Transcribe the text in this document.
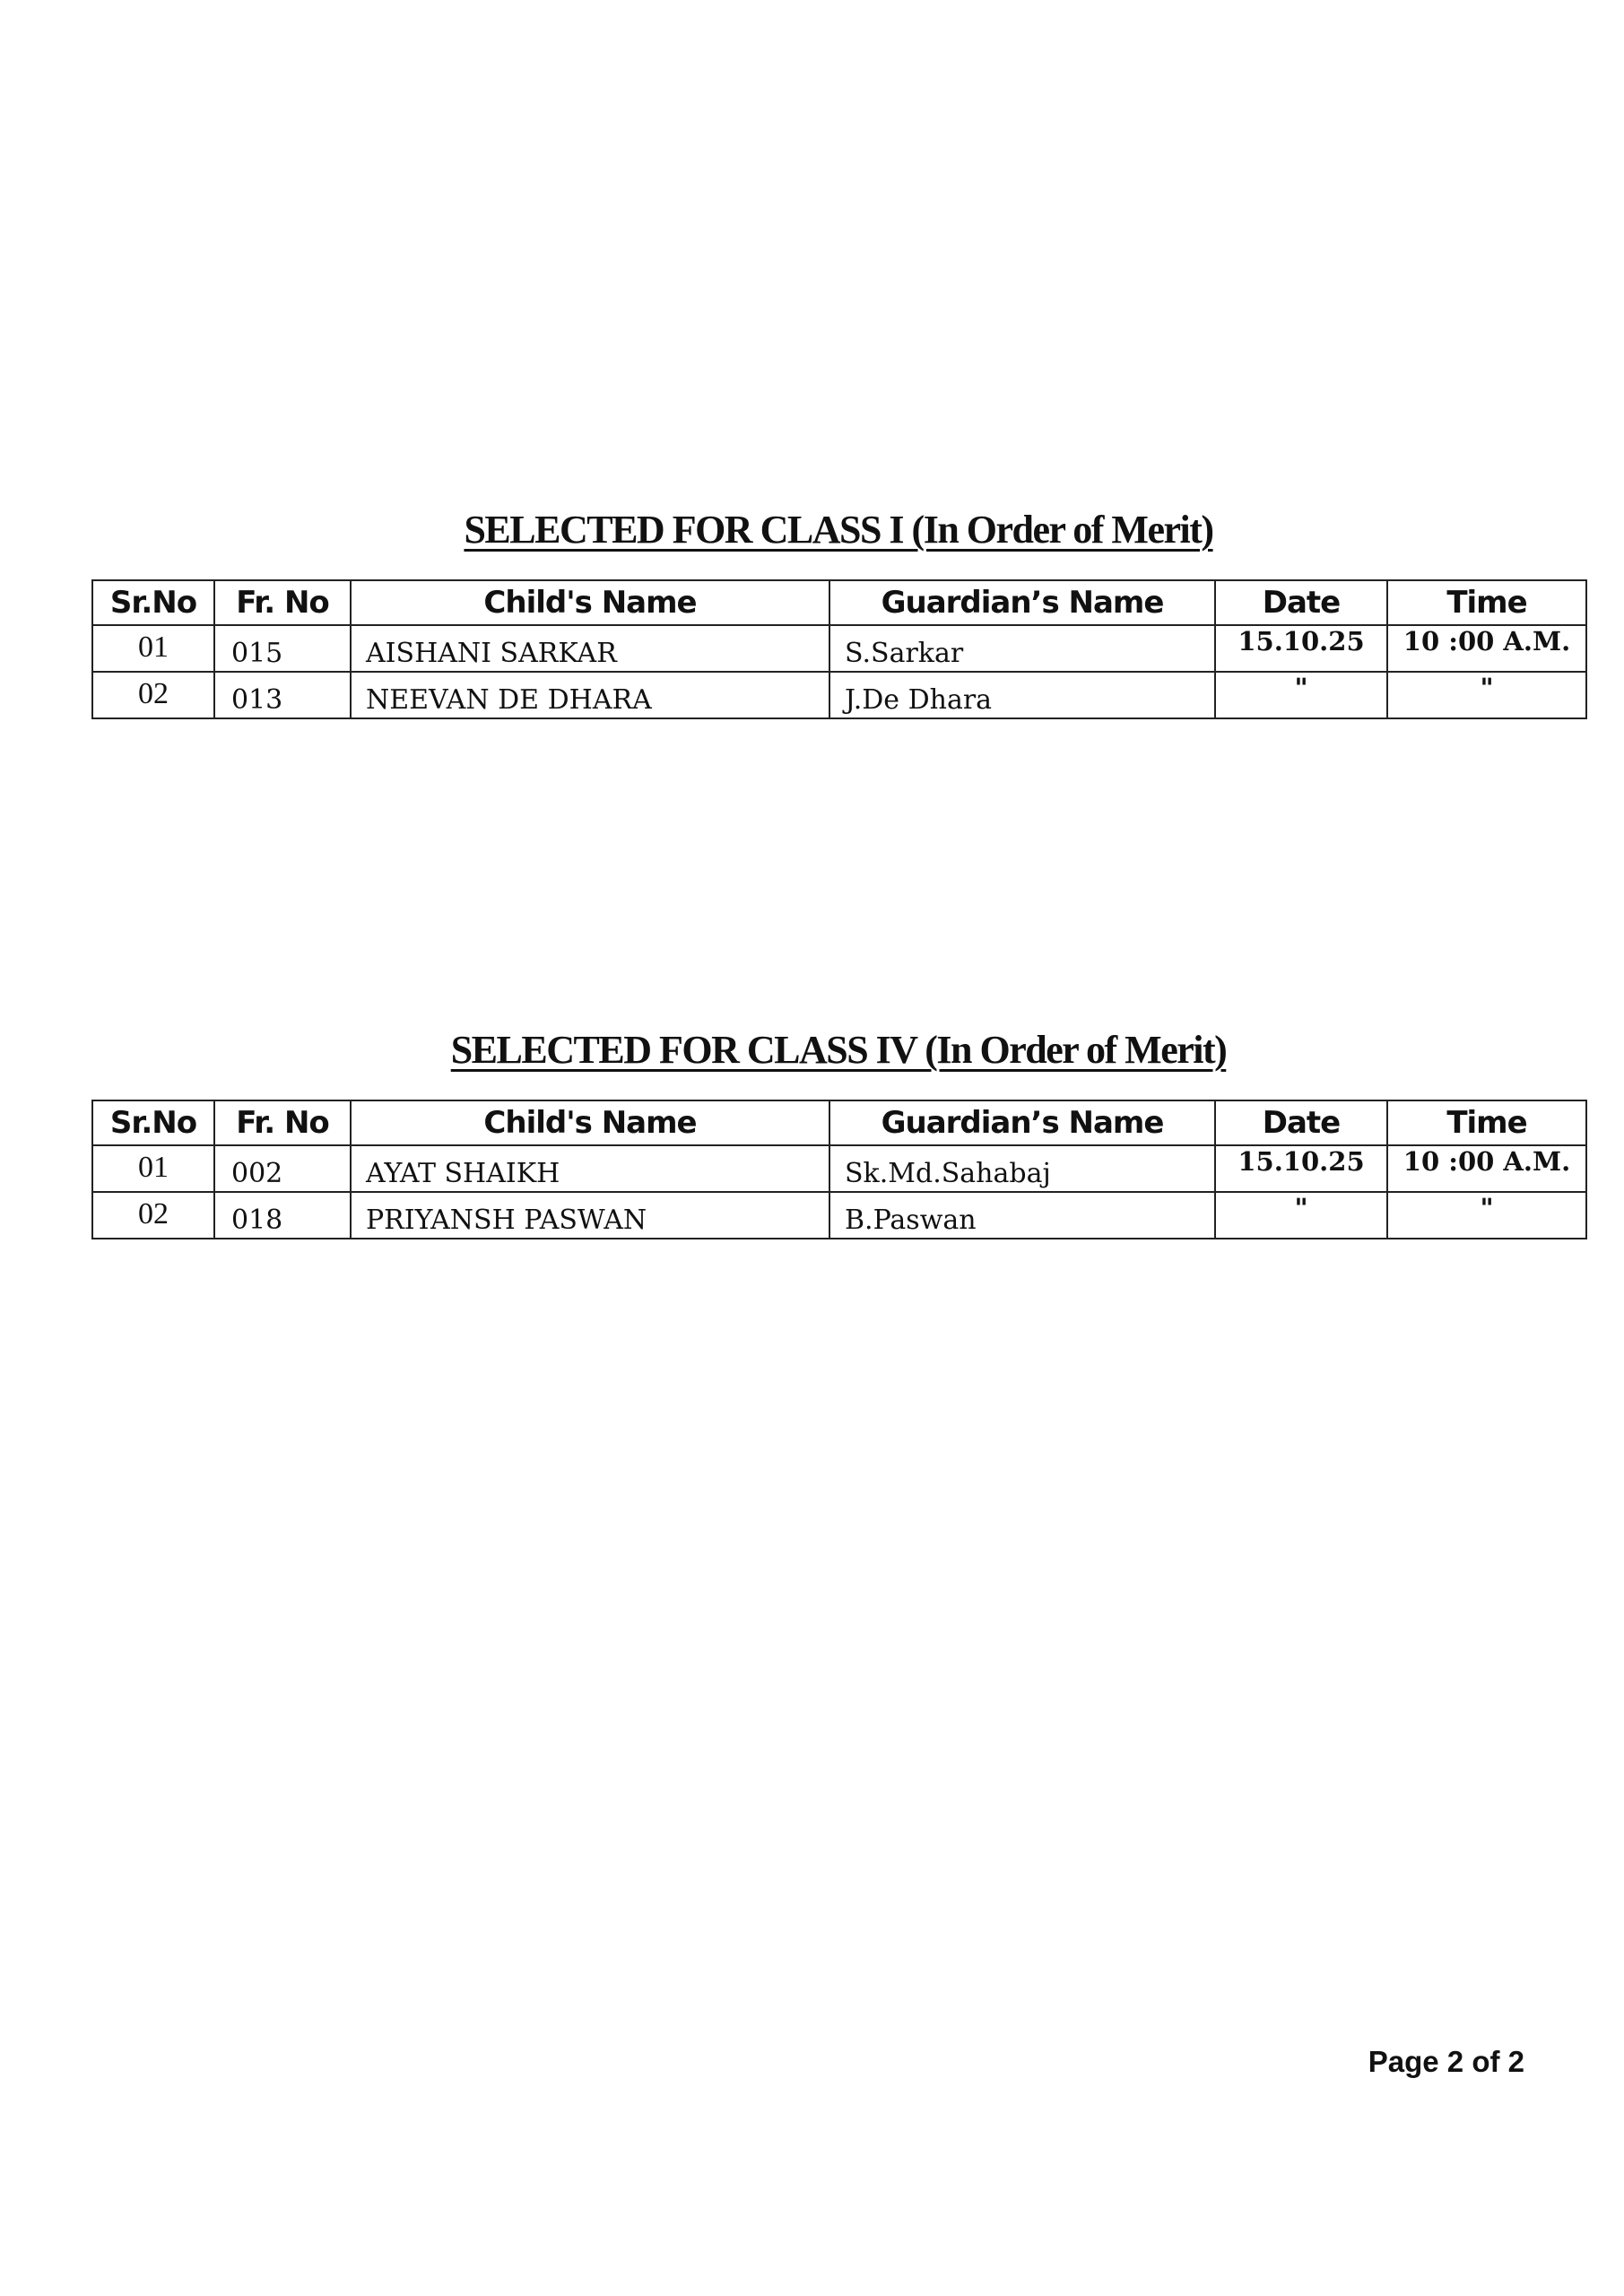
SELECTED FOR CLASS I (In Order of Merit)
Sr.No	Fr. No	Child's Name	Guardian’s Name	Date	Time
01	015	AISHANI SARKAR	S.Sarkar	15.10.25	10 :00 A.M.
02	013	NEEVAN DE DHARA	J.De Dhara	"	"
SELECTED FOR CLASS IV (In Order of Merit)
Sr.No	Fr. No	Child's Name	Guardian’s Name	Date	Time
01	002	AYAT SHAIKH	Sk.Md.Sahabaj	15.10.25	10 :00 A.M.
02	018	PRIYANSH PASWAN	B.Paswan	"	"
Page 2 of 2
